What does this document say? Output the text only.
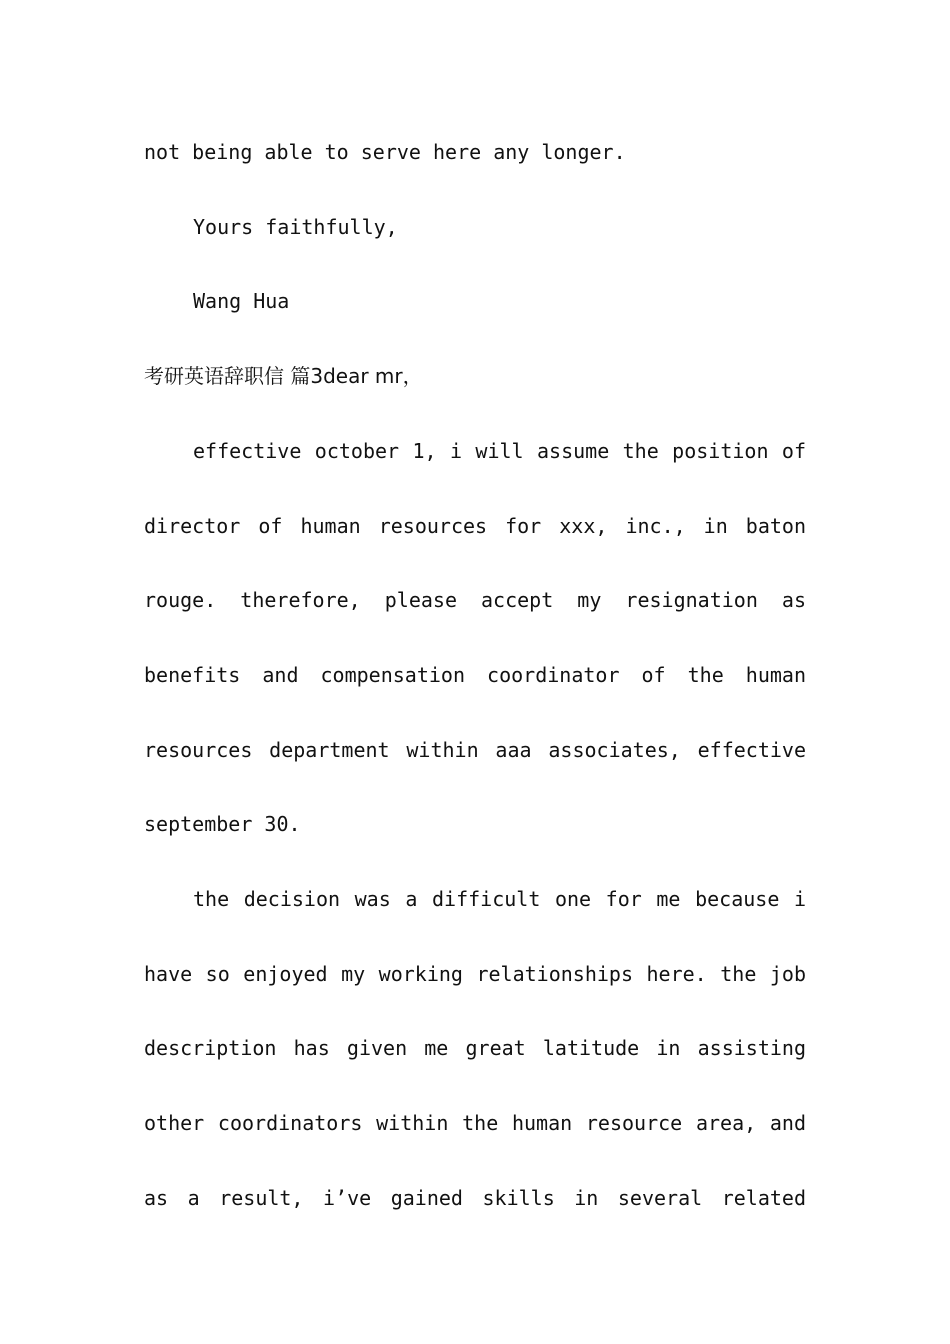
not being able to serve here any longer.
Yours faithfully,
Wang Hua
考研英语辞职信 篇3dear mr，
effective october 1, i will assume the position of
director of human resources for xxx, inc., in baton
rouge. therefore, please accept my resignation as
benefits and compensation coordinator of the human
resources department within aaa associates, effective
september 30.
the decision was a difficult one for me because i
have so enjoyed my working relationships here. the job
description has given me great latitude in assisting
other coordinators within the human resource area, and
as a result, i’ve gained skills in several related
